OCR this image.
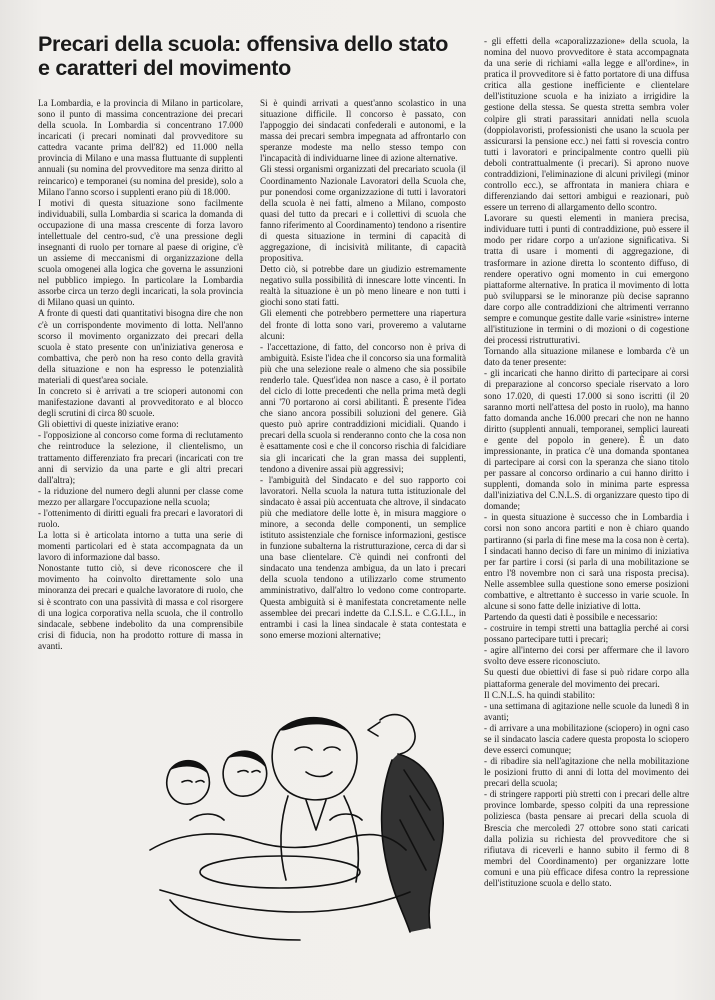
Precari della scuola: offensiva dello stato
e caratteri del movimento

La Lombardia, e la provincia di Milano in particolare, sono il punto di massima concentrazione dei precari della scuola. In Lombardia si concentrano 17.000 incaricati (i precari nominati dal provveditore su cattedra vacante prima dell'82) ed 11.000 nella provincia di Milano e una massa fluttuante di supplenti annuali (su nomina del provveditore ma senza diritto al reincarico) e temporanei (su nomina del preside), solo a Milano l'anno scorso i supplenti erano più di 18.000.

I motivi di questa situazione sono facilmente individuabili, sulla Lombardia si scarica la domanda di occupazione di una massa crescente di forza lavoro intellettuale del centro-sud, c'è una pressione degli insegnanti di ruolo per tornare al paese di origine, c'è un assieme di meccanismi di organizzazione della scuola omogenei alla logica che governa le assunzioni nel pubblico impiego. In particolare la Lombardia assorbe circa un terzo degli incaricati, la sola provincia di Milano quasi un quinto.

A fronte di questi dati quantitativi bisogna dire che non c'è un corrispondente movimento di lotta. Nell'anno scorso il movimento organizzato dei precari della scuola è stato presente con un'iniziativa generosa e combattiva, che però non ha reso conto della gravità della situazione e non ha espresso le potenzialità materiali di quest'area sociale.

In concreto si è arrivati a tre scioperi autonomi con manifestazione davanti al provveditorato e al blocco degli scrutini di circa 80 scuole.

Gli obiettivi di queste iniziative erano:

- l'opposizione al concorso come forma di reclutamento che reintroduce la selezione, il clientelismo, un trattamento differenziato fra precari (incaricati con tre anni di servizio da una parte e gli altri precari dall'altra);

- la riduzione del numero degli alunni per classe come mezzo per allargare l'occupazione nella scuola;

- l'ottenimento di diritti eguali fra precari e lavoratori di ruolo.

La lotta si è articolata intorno a tutta una serie di momenti particolari ed è stata accompagnata da un lavoro di informazione dal basso.

Nonostante tutto ciò, si deve riconoscere che il movimento ha coinvolto direttamente solo una minoranza dei precari e qualche lavoratore di ruolo, che si è scontrato con una passività di massa e col risorgere di una logica corporativa nella scuola, che il controllo sindacale, sebbene indebolito da una comprensibile crisi di fiducia, non ha prodotto rotture di massa in avanti.

Si è quindi arrivati a quest'anno scolastico in una situazione difficile. Il concorso è passato, con l'appoggio dei sindacati confederali e autonomi, e la massa dei precari sembra impegnata ad affrontarlo con speranze modeste ma nello stesso tempo con l'incapacità di individuarne linee di azione alternative.

Gli stessi organismi organizzati del precariato scuola (il Coordinamento Nazionale Lavoratori della Scuola che, pur ponendosi come organizzazione di tutti i lavoratori della scuola è nei fatti, almeno a Milano, composto quasi del tutto da precari e i collettivi di scuola che fanno riferimento al Coordinamento) tendono a risentire di questa situazione in termini di capacità di aggregazione, di incisività militante, di capacità propositiva.

Detto ciò, si potrebbe dare un giudizio estremamente negativo sulla possibilità di innescare lotte vincenti. In realtà la situazione è un pò meno lineare e non tutti i giochi sono stati fatti.

Gli elementi che potrebbero permettere una riapertura del fronte di lotta sono vari, proveremo a valutarne alcuni:

- l'accettazione, di fatto, del concorso non è priva di ambiguità. Esiste l'idea che il concorso sia una formalità più che una selezione reale o almeno che sia possibile renderlo tale. Quest'idea non nasce a caso, è il portato del ciclo di lotte precedenti che nella prima metà degli anni '70 portarono ai corsi abilitanti. È presente l'idea che siano ancora possibili soluzioni del genere. Già questo può aprire contraddizioni micidiali. Quando i precari della scuola si renderanno conto che la cosa non è esattamente così e che il concorso rischia di falcidiare sia gli incaricati che la gran massa dei supplenti, tendono a divenire assai più aggressivi;

- l'ambiguità del Sindacato e del suo rapporto coi lavoratori. Nella scuola la natura tutta istituzionale del sindacato è assai più accentuata che altrove, il sindacato più che mediatore delle lotte è, in misura maggiore o minore, a seconda delle componenti, un semplice istituto assistenziale che fornisce informazioni, gestisce in funzione subalterna la ristrutturazione, cerca di dar sì una base clientelare. C'è quindi nei confronti del sindacato una tendenza ambigua, da un lato i precari della scuola tendono a utilizzarlo come strumento amministrativo, dall'altro lo vedono come controparte. Questa ambiguità si è manifestata concretamente nelle assemblee dei precari indette da C.I.S.L. e C.G.I.L., in entrambi i casi la linea sindacale è stata contestata e sono emerse mozioni alternative;

- gli effetti della «caporalizzazione» della scuola, la nomina del nuovo provveditore è stata accompagnata da una serie di richiami «alla legge e all'ordine», in pratica il provveditore si è fatto portatore di una diffusa critica alla gestione inefficiente e clientelare dell'istituzione scuola e ha iniziato a irrigidire la gestione della stessa. Se questa stretta sembra voler colpire gli strati parassitari annidati nella scuola (doppiolavoristi, professionisti che usano la scuola per assicurarsi la pensione ecc.) nei fatti si rovescia contro tutti i lavoratori e principalmente contro quelli più deboli contrattualmente (i precari). Si aprono nuove contraddizioni, l'eliminazione di alcuni privilegi (minor controllo ecc.), se affrontata in maniera chiara e differenziando dai settori ambigui e reazionari, può essere un terreno di allargamento dello scontro.

Lavorare su questi elementi in maniera precisa, individuare tutti i punti di contraddizione, può essere il modo per ridare corpo a un'azione significativa. Si tratta di usare i momenti di aggregazione, di trasformare in azione diretta lo scontento diffuso, di rendere operativo ogni momento in cui emergono piattaforme alternative. In pratica il movimento di lotta può svilupparsi se le minoranze più decise sapranno dare corpo alle contraddizioni che altrimenti verranno sempre e comunque gestite dalle varie «sinistre» interne all'istituzione in termini o di mozioni o di cogestione dei processi ristrutturativi.

Tornando alla situazione milanese e lombarda c'è un dato da tener presente:

- gli incaricati che hanno diritto di partecipare ai corsi di preparazione al concorso speciale riservato a loro sono 17.020, di questi 17.000 si sono iscritti (il 20 saranno morti nell'attesa del posto in ruolo), ma hanno fatto domanda anche 16.000 precari che non ne hanno diritto (supplenti annuali, temporanei, semplici laureati e gente del popolo in genere). È un dato impressionante, in pratica c'è una domanda spontanea di partecipare ai corsi con la speranza che siano titolo per passare al concorso ordinario a cui hanno diritto i supplenti, domanda solo in minima parte espressa dall'iniziativa del C.N.L.S. di organizzare questo tipo di domande;

- in questa situazione è successo che in Lombardia i corsi non sono ancora partiti e non è chiaro quando partiranno (si parla di fine mese ma la cosa non è certa). I sindacati hanno deciso di fare un minimo di iniziativa per far partire i corsi (si parla di una mobilitazione se entro l'8 novembre non ci sarà una risposta precisa). Nelle assemblee sulla questione sono emerse posizioni combattive, e altrettanto è successo in varie scuole. In alcune si sono fatte delle iniziative di lotta.

Partendo da questi dati è possibile e necessario:

- costruire in tempi stretti una battaglia perché ai corsi possano partecipare tutti i precari;

- agire all'interno dei corsi per affermare che il lavoro svolto deve essere riconosciuto.

Su questi due obiettivi di fase si può ridare corpo alla piattaforma generale del movimento dei precari.

Il C.N.L.S. ha quindi stabilito:

- una settimana di agitazione nelle scuole da lunedì 8 in avanti;

- di arrivare a una mobilitazione (sciopero) in ogni caso se il sindacato lascia cadere questa proposta lo sciopero deve esserci comunque;

- di ribadire sia nell'agitazione che nella mobilitazione le posizioni frutto di anni di lotta del movimento dei precari della scuola;

- di stringere rapporti più stretti con i precari delle altre province lombarde, spesso colpiti da una repressione poliziesca (basta pensare ai precari della scuola di Brescia che mercoledì 27 ottobre sono stati caricati dalla polizia su richiesta del provveditore che si rifiutava di riceverli e hanno subito il fermo di 8 membri del Coordinamento) per organizzare lotte comuni e una più efficace difesa contro la repressione dell'istituzione scuola e dello stato.
